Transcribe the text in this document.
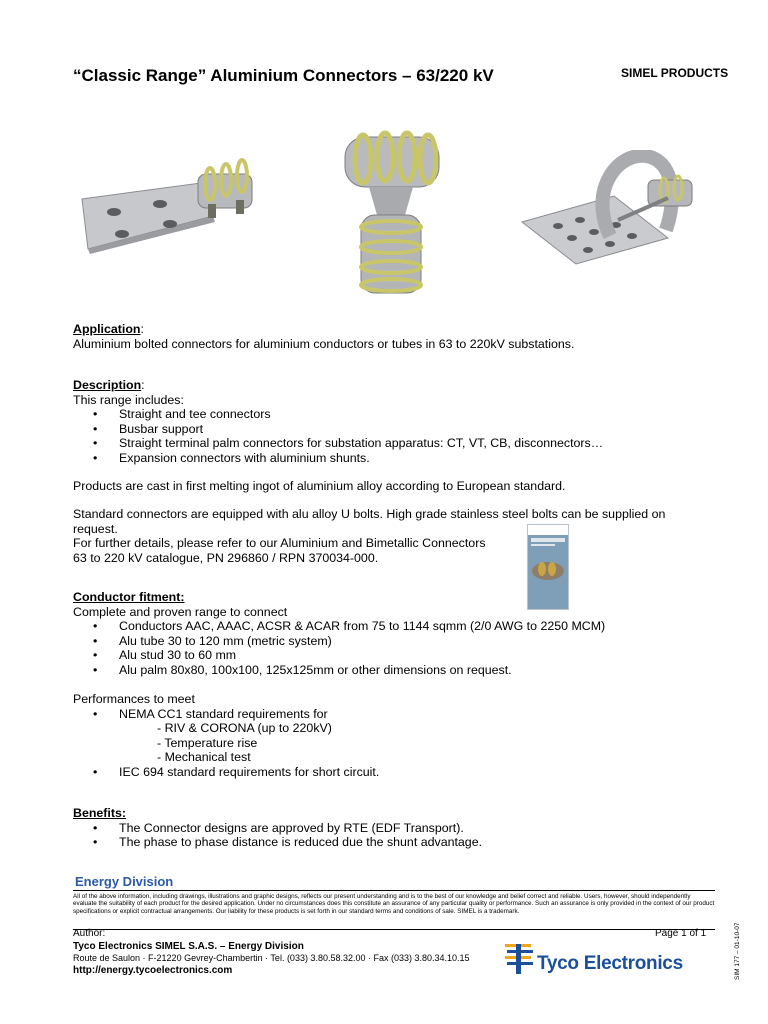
“Classic Range” Aluminium Connectors – 63/220 kV	SIMEL PRODUCTS
Application:
Aluminium bolted connectors for aluminium conductors or tubes in 63 to 220kV substations.
Description:
This range includes:
• Straight and tee connectors
• Busbar support
• Straight terminal palm connectors for substation apparatus: CT, VT, CB, disconnectors…
• Expansion connectors with aluminium shunts.
Products are cast in first melting ingot of aluminium alloy according to European standard.
Standard connectors are equipped with alu alloy U bolts. High grade stainless steel bolts can be supplied on request.
For further details, please refer to our Aluminium and Bimetallic Connectors
63 to 220 kV catalogue, PN 296860 / RPN 370034-000.
Conductor fitment:
Complete and proven range to connect
• Conductors AAC, AAAC, ACSR & ACAR from 75 to 1144 sqmm (2/0 AWG to 2250 MCM)
• Alu tube 30 to 120 mm (metric system)
• Alu stud 30 to 60 mm
• Alu palm 80x80, 100x100, 125x125mm or other dimensions on request.
Performances to meet
• NEMA CC1 standard requirements for
- RIV & CORONA (up to 220kV)
- Temperature rise
- Mechanical test
• IEC 694 standard requirements for short circuit.
Benefits:
• The Connector designs are approved by RTE (EDF Transport).
• The phase to phase distance is reduced due the shunt advantage.
Energy Division
All of the above information, including drawings, illustrations and graphic designs, reflects our present understanding and is to the best of our knowledge and belief correct and reliable. Users, however, should independently evaluate the suitability of each product for the desired application. Under no circumstances does this constitute an assurance of any particular quality or performance. Such an assurance is only provided in the context of our product specifications or explicit contractual arrangements. Our liability for these products is set forth in our standard terms and conditions of sale. SIMEL is a trademark.
Author:	Page 1 of 1
Tyco Electronics SIMEL S.A.S. – Energy Division
Route de Saulon · F-21220 Gevrey-Chambertin · Tel. (033) 3.80.58.32.00 · Fax (033) 3.80.34.10.15
http://energy.tycoelectronics.com	SIM 177 – 01-10-07
Tyco Electronics
